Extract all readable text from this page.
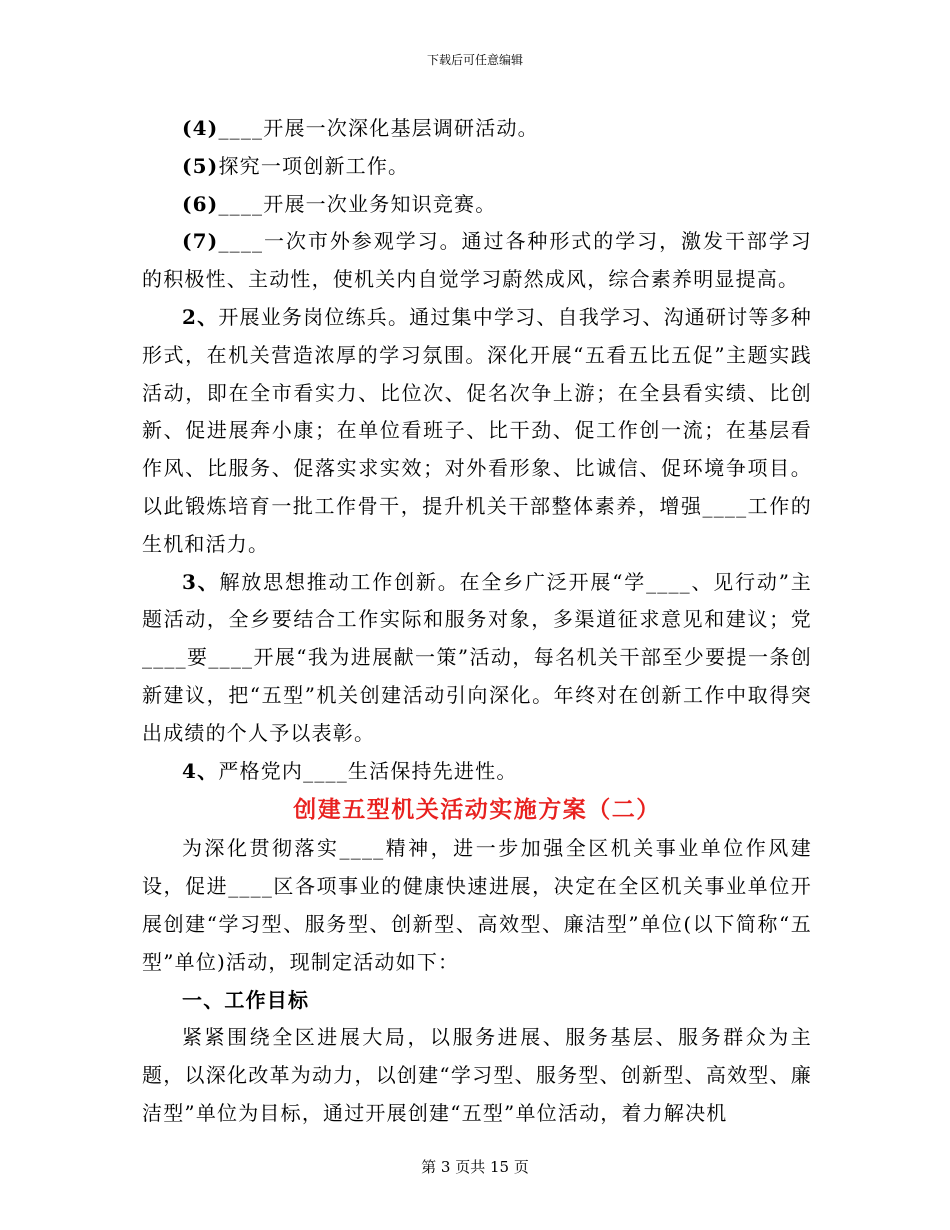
下载后可任意编辑

(4)____开展一次深化基层调研活动。

(5)探究一项创新工作。

(6)____开展一次业务知识竞赛。

(7)____一次市外参观学习。通过各种形式的学习，激发干部学习的积极性、主动性，使机关内自觉学习蔚然成风，综合素养明显提高。

2、开展业务岗位练兵。通过集中学习、自我学习、沟通研讨等多种形式，在机关营造浓厚的学习氛围。深化开展“五看五比五促”主题实践活动，即在全市看实力、比位次、促名次争上游；在全县看实绩、比创新、促进展奔小康；在单位看班子、比干劲、促工作创一流；在基层看作风、比服务、促落实求实效；对外看形象、比诚信、促环境争项目。以此锻炼培育一批工作骨干，提升机关干部整体素养，增强____工作的生机和活力。

3、解放思想推动工作创新。在全乡广泛开展“学____、见行动”主题活动，全乡要结合工作实际和服务对象，多渠道征求意见和建议；党____要____开展“我为进展献一策”活动，每名机关干部至少要提一条创新建议，把“五型”机关创建活动引向深化。年终对在创新工作中取得突出成绩的个人予以表彰。

4、严格党内____生活保持先进性。

创建五型机关活动实施方案（二）

为深化贯彻落实____精神，进一步加强全区机关事业单位作风建设，促进____区各项事业的健康快速进展，决定在全区机关事业单位开展创建“学习型、服务型、创新型、高效型、廉洁型”单位(以下简称“五型”单位)活动，现制定活动如下：

一、工作目标

紧紧围绕全区进展大局，以服务进展、服务基层、服务群众为主题，以深化改革为动力，以创建“学习型、服务型、创新型、高效型、廉洁型”单位为目标，通过开展创建“五型”单位活动，着力解决机

第 3 页共 15 页
